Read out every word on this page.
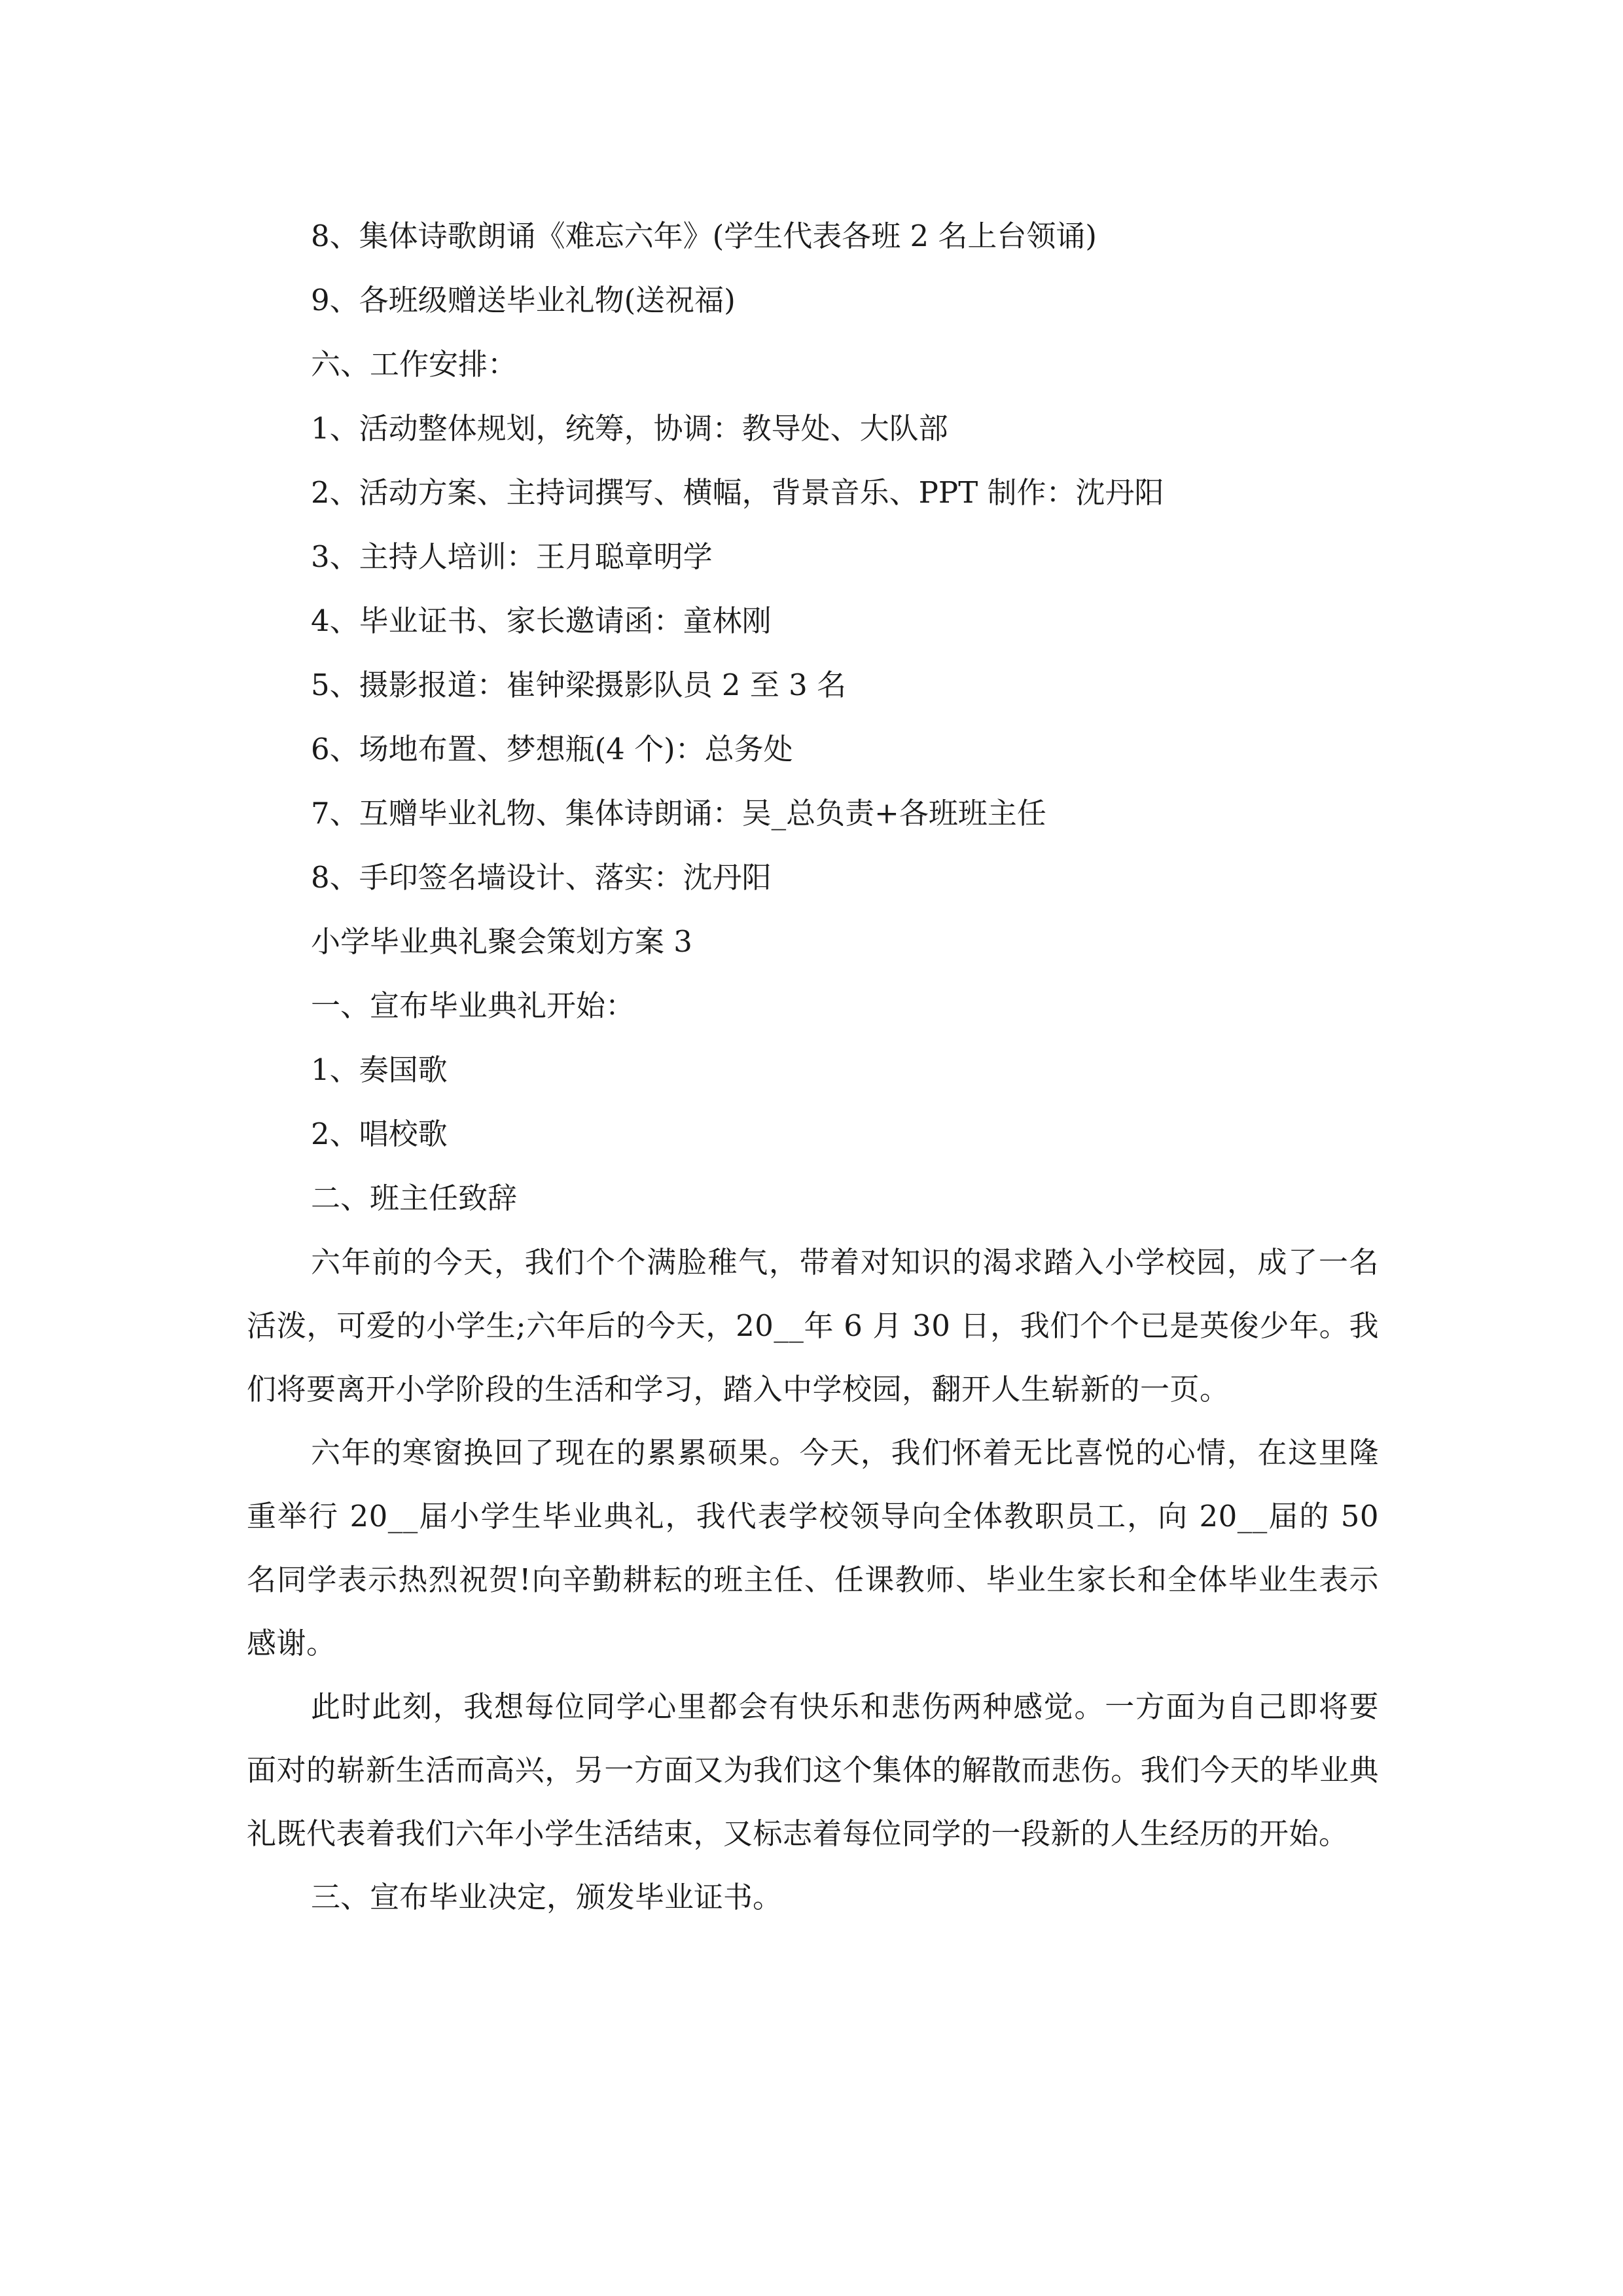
8、集体诗歌朗诵《难忘六年》(学生代表各班 2 名上台领诵)
9、各班级赠送毕业礼物(送祝福)
六、工作安排：
1、活动整体规划，统筹，协调：教导处、大队部
2、活动方案、主持词撰写、横幅，背景音乐、PPT 制作：沈丹阳
3、主持人培训：王月聪章明学
4、毕业证书、家长邀请函：童林刚
5、摄影报道：崔钟梁摄影队员 2 至 3 名
6、场地布置、梦想瓶(4 个)：总务处
7、互赠毕业礼物、集体诗朗诵：吴_总负责+各班班主任
8、手印签名墙设计、落实：沈丹阳
小学毕业典礼聚会策划方案 3
一、宣布毕业典礼开始：
1、奏国歌
2、唱校歌
二、班主任致辞

六年前的今天，我们个个满脸稚气，带着对知识的渴求踏入小学校园，成了一名活泼，可爱的小学生;六年后的今天，20__年 6 月 30 日，我们个个已是英俊少年。我们将要离开小学阶段的生活和学习，踏入中学校园，翻开人生崭新的一页。

六年的寒窗换回了现在的累累硕果。今天，我们怀着无比喜悦的心情，在这里隆重举行 20__届小学生毕业典礼，我代表学校领导向全体教职员工，向 20__届的 50 名同学表示热烈祝贺!向辛勤耕耘的班主任、任课教师、毕业生家长和全体毕业生表示感谢。

此时此刻，我想每位同学心里都会有快乐和悲伤两种感觉。一方面为自己即将要面对的崭新生活而高兴，另一方面又为我们这个集体的解散而悲伤。我们今天的毕业典礼既代表着我们六年小学生活结束，又标志着每位同学的一段新的人生经历的开始。

三、宣布毕业决定，颁发毕业证书。
